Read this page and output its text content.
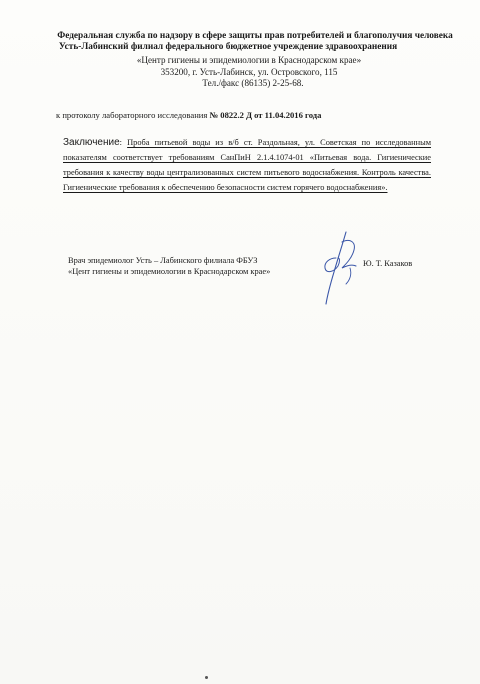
Федеральная служба по надзору в сфере защиты прав потребителей и благополучия человека
Усть-Лабинский филиал федерального бюджетное учреждение здравоохранения
«Центр гигиены и эпидемиологии в Краснодарском крае»
353200, г. Усть-Лабинск, ул. Островского, 115
Тел./факс (86135) 2-25-68.
к протоколу лабораторного исследования № 0822.2 Д от 11.04.2016 года
Заключение: Проба питьевой воды из в/б ст. Раздольная, ул. Советская по исследованным показателям соответствует требованиям СанПиН 2.1.4.1074-01 «Питьевая вода. Гигиенические требования к качеству воды централизованных систем питьевого водоснабжения. Контроль качества. Гигиенические требования к обеспечению безопасности систем горячего водоснабжения».
Врач эпидемиолог Усть – Лабинского филиала ФБУЗ
«Цент гигиены и эпидемиологии в Краснодарском крае»
Ю. Т. Казаков
